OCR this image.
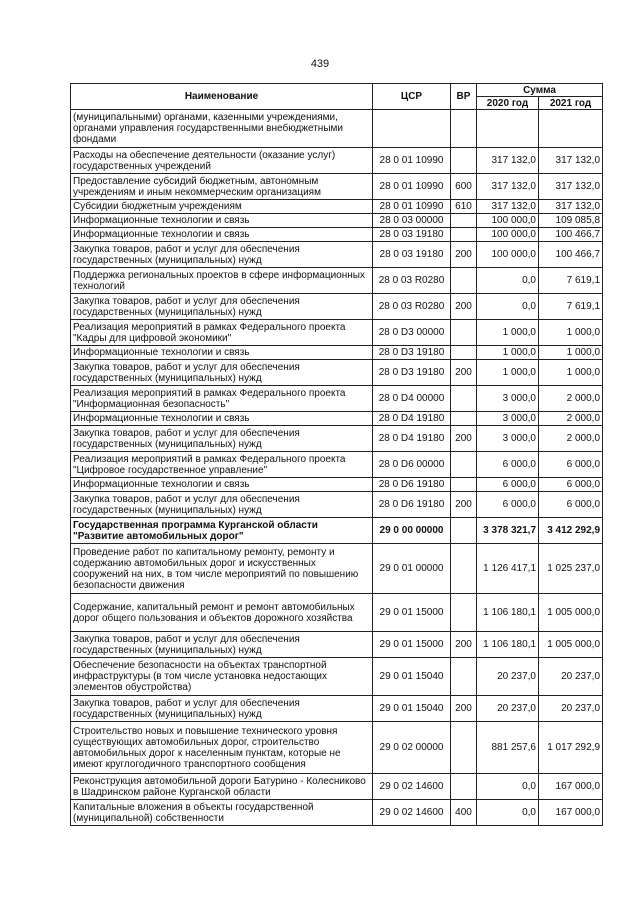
439
Наименование	ЦСР	ВР	Сумма	
			2020 год	2021 год
(муниципальными) органами, казенными учреждениями, органами управления государственными внебюджетными фондами				
Расходы на обеспечение деятельности (оказание услуг) государственных учреждений	28 0 01 10990		317 132,0	317 132,0
Предоставление субсидий бюджетным, автономным учреждениям и иным некоммерческим организациям	28 0 01 10990	600	317 132,0	317 132,0
Субсидии бюджетным учреждениям	28 0 01 10990	610	317 132,0	317 132,0
Информационные технологии и связь	28 0 03 00000		100 000,0	109 085,8
Информационные технологии и связь	28 0 03 19180		100 000,0	100 466,7
Закупка товаров, работ и услуг для обеспечения государственных (муниципальных) нужд	28 0 03 19180	200	100 000,0	100 466,7
Поддержка региональных проектов в сфере информационных технологий	28 0 03 R0280		0,0	7 619,1
Закупка товаров, работ и услуг для обеспечения государственных (муниципальных) нужд	28 0 03 R0280	200	0,0	7 619,1
Реализация мероприятий в рамках Федерального проекта "Кадры для цифровой экономики"	28 0 D3 00000		1 000,0	1 000,0
Информационные технологии и связь	28 0 D3 19180		1 000,0	1 000,0
Закупка товаров, работ и услуг для обеспечения государственных (муниципальных) нужд	28 0 D3 19180	200	1 000,0	1 000,0
Реализация мероприятий в рамках Федерального проекта "Информационная безопасность"	28 0 D4 00000		3 000,0	2 000,0
Информационные технологии и связь	28 0 D4 19180		3 000,0	2 000,0
Закупка товаров, работ и услуг для обеспечения государственных (муниципальных) нужд	28 0 D4 19180	200	3 000,0	2 000,0
Реализация мероприятий в рамках Федерального проекта "Цифровое государственное управление"	28 0 D6 00000		6 000,0	6 000,0
Информационные технологии и связь	28 0 D6 19180		6 000,0	6 000,0
Закупка товаров, работ и услуг для обеспечения государственных (муниципальных) нужд	28 0 D6 19180	200	6 000,0	6 000,0
Государственная программа Курганской области "Развитие автомобильных дорог"	29 0 00 00000		3 378 321,7	3 412 292,9
Проведение работ по капитальному ремонту, ремонту и содержанию автомобильных дорог и искусственных сооружений на них, в том числе мероприятий по повышению безопасности движения	29 0 01 00000		1 126 417,1	1 025 237,0
Содержание, капитальный ремонт и ремонт автомобильных дорог общего пользования и объектов дорожного хозяйства	29 0 01 15000		1 106 180,1	1 005 000,0
Закупка товаров, работ и услуг для обеспечения государственных (муниципальных) нужд	29 0 01 15000	200	1 106 180,1	1 005 000,0
Обеспечение безопасности на объектах транспортной инфраструктуры (в том числе установка недостающих элементов обустройства)	29 0 01 15040		20 237,0	20 237,0
Закупка товаров, работ и услуг для обеспечения государственных (муниципальных) нужд	29 0 01 15040	200	20 237,0	20 237,0
Строительство новых и повышение технического уровня существующих автомобильных дорог, строительство автомобильных дорог к населенным пунктам, которые не имеют круглогодичного транспортного сообщения	29 0 02 00000		881 257,6	1 017 292,9
Реконструкция автомобильной дороги Батурино - Колесниково в Шадринском районе Курганской области	29 0 02 14600		0,0	167 000,0
Капитальные вложения в объекты государственной (муниципальной) собственности	29 0 02 14600	400	0,0	167 000,0
